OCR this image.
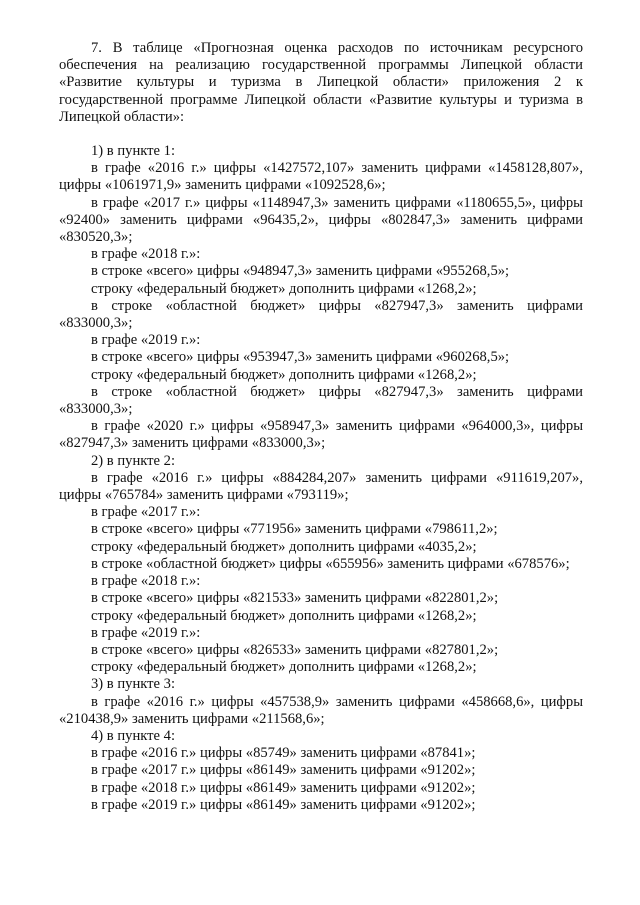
7. В таблице «Прогнозная оценка расходов по источникам ресурсного обеспечения на реализацию государственной программы Липецкой области «Развитие культуры и туризма в Липецкой области» приложения 2 к государственной программе Липецкой области «Развитие культуры и туризма в Липецкой области»:

1) в пункте 1:

в графе «2016 г.» цифры «1427572,107» заменить цифрами «1458128,807», цифры «1061971,9» заменить цифрами «1092528,6»;

в графе «2017 г.» цифры «1148947,3» заменить цифрами «1180655,5», цифры «92400» заменить цифрами «96435,2», цифры «802847,3» заменить цифрами «830520,3»;

в графе «2018 г.»:

в строке «всего» цифры «948947,3» заменить цифрами «955268,5»;

строку «федеральный бюджет» дополнить цифрами «1268,2»;

в строке «областной бюджет» цифры «827947,3» заменить цифрами «833000,3»;

в графе «2019 г.»:

в строке «всего» цифры «953947,3» заменить цифрами «960268,5»;

строку «федеральный бюджет» дополнить цифрами «1268,2»;

в строке «областной бюджет» цифры «827947,3» заменить цифрами «833000,3»;

в графе «2020 г.» цифры «958947,3» заменить цифрами «964000,3», цифры «827947,3» заменить цифрами «833000,3»;

2) в пункте 2:

в графе «2016 г.» цифры «884284,207» заменить цифрами «911619,207», цифры «765784» заменить цифрами «793119»;

в графе «2017 г.»:

в строке «всего» цифры «771956» заменить цифрами «798611,2»;

строку «федеральный бюджет» дополнить цифрами «4035,2»;

в строке «областной бюджет» цифры «655956» заменить цифрами «678576»;

в графе «2018 г.»:

в строке «всего» цифры «821533» заменить цифрами «822801,2»;

строку «федеральный бюджет» дополнить цифрами «1268,2»;

в графе «2019 г.»:

в строке «всего» цифры «826533» заменить цифрами «827801,2»;

строку «федеральный бюджет» дополнить цифрами «1268,2»;

3) в пункте 3:

в графе «2016 г.» цифры «457538,9» заменить цифрами «458668,6», цифры «210438,9» заменить цифрами «211568,6»;

4) в пункте 4:

в графе «2016 г.» цифры «85749» заменить цифрами «87841»;

в графе «2017 г.» цифры «86149» заменить цифрами «91202»;

в графе «2018 г.» цифры «86149» заменить цифрами «91202»;

в графе «2019 г.» цифры «86149» заменить цифрами «91202»;
